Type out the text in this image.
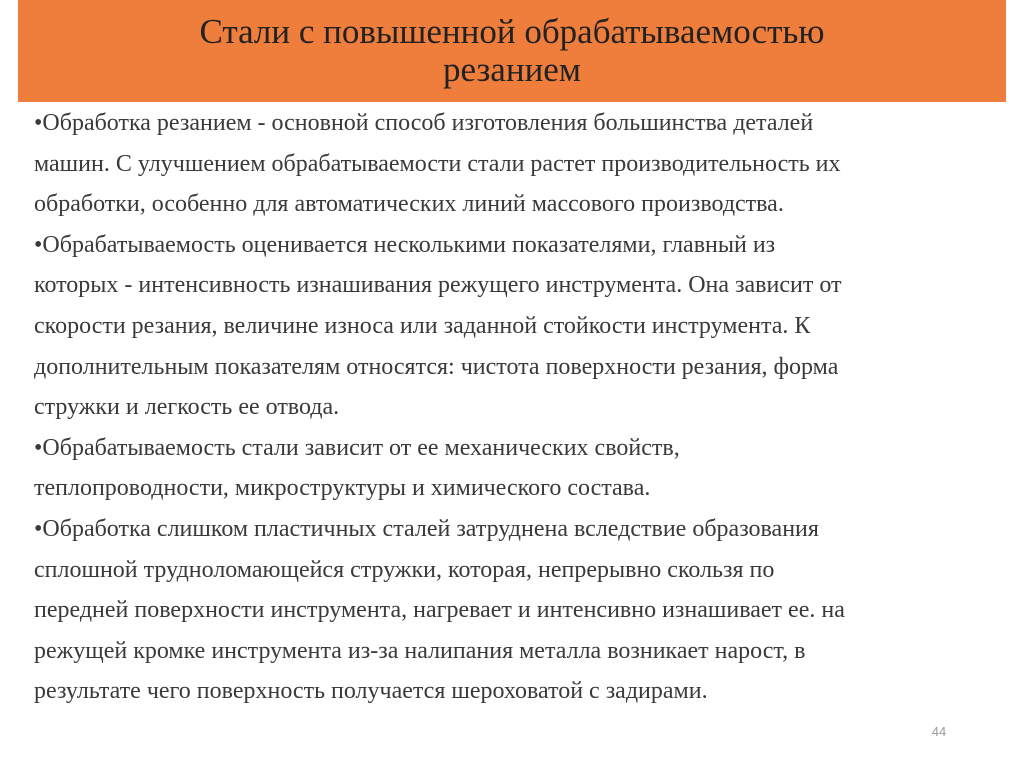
Стали с повышенной обрабатываемостью
резанием
•Обработка резанием - основной способ изготовления большинства деталей
машин. С улучшением обрабатываемости стали растет производительность их
обработки, особенно для автоматических линий массового производства.
•Обрабатываемость оценивается несколькими показателями, главный из
которых - интенсивность изнашивания режущего инструмента. Она зависит от
скорости резания, величине износа или заданной стойкости инструмента. К
дополнительным показателям относятся: чистота поверхности резания, форма
стружки и легкость ее отвода.
•Обрабатываемость стали зависит от ее механических свойств,
теплопроводности, микроструктуры и химического состава.
•Обработка слишком пластичных сталей затруднена вследствие образования
сплошной трудноломающейся стружки, которая, непрерывно скользя по
передней поверхности инструмента, нагревает и интенсивно изнашивает ее. на
режущей кромке инструмента из-за налипания металла возникает нарост, в
результате чего поверхность получается шероховатой с задирами.
44
